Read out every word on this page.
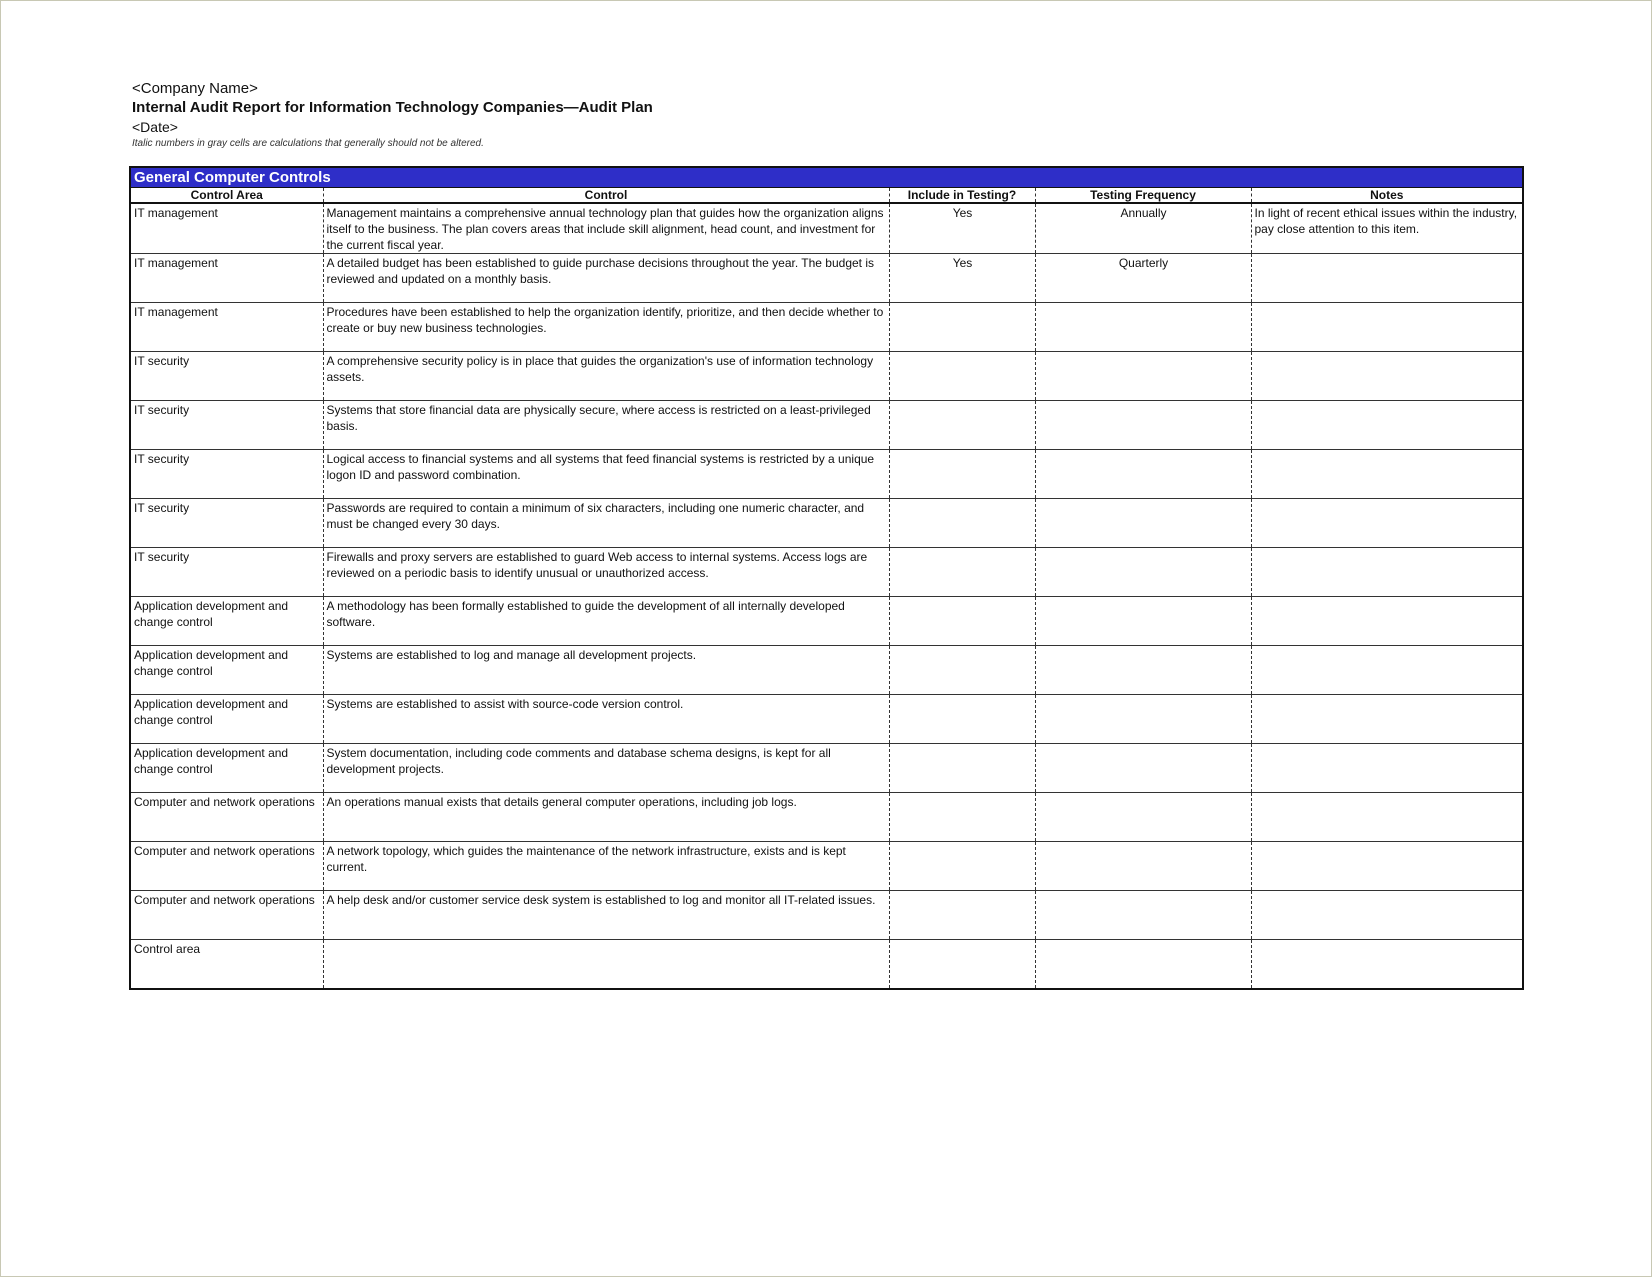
<Company Name>
Internal Audit Report for Information Technology Companies—Audit Plan
<Date>
Italic numbers in gray cells are calculations that generally should not be altered.
General Computer Controls				
Control Area	Control	Include in Testing?	Testing Frequency	Notes
IT management	Management maintains a comprehensive annual technology plan that guides how the organization aligns itself to the business. The plan covers areas that include skill alignment, head count, and investment for the current fiscal year.	Yes	Annually	In light of recent ethical issues within the industry, pay close attention to this item.
IT management	A detailed budget has been established to guide purchase decisions throughout the year. The budget is reviewed and updated on a monthly basis.	Yes	Quarterly	
IT management	Procedures have been established to help the organization identify, prioritize, and then decide whether to create or buy new business technologies.			
IT security	A comprehensive security policy is in place that guides the organization's use of information technology assets.			
IT security	Systems that store financial data are physically secure, where access is restricted on a least-privileged basis.			
IT security	Logical access to financial systems and all systems that feed financial systems is restricted by a unique logon ID and password combination.			
IT security	Passwords are required to contain a minimum of six characters, including one numeric character, and must be changed every 30 days.			
IT security	Firewalls and proxy servers are established to guard Web access to internal systems. Access logs are reviewed on a periodic basis to identify unusual or unauthorized access.			
Application development and change control	A methodology has been formally established to guide the development of all internally developed software.			
Application development and change control	Systems are established to log and manage all development projects.			
Application development and change control	Systems are established to assist with source-code version control.			
Application development and change control	System documentation, including code comments and database schema designs, is kept for all development projects.			
Computer and network operations	An operations manual exists that details general computer operations, including job logs.			
Computer and network operations	A network topology, which guides the maintenance of the network infrastructure, exists and is kept current.			
Computer and network operations	A help desk and/or customer service desk system is established to log and monitor all IT-related issues.			
Control area				
